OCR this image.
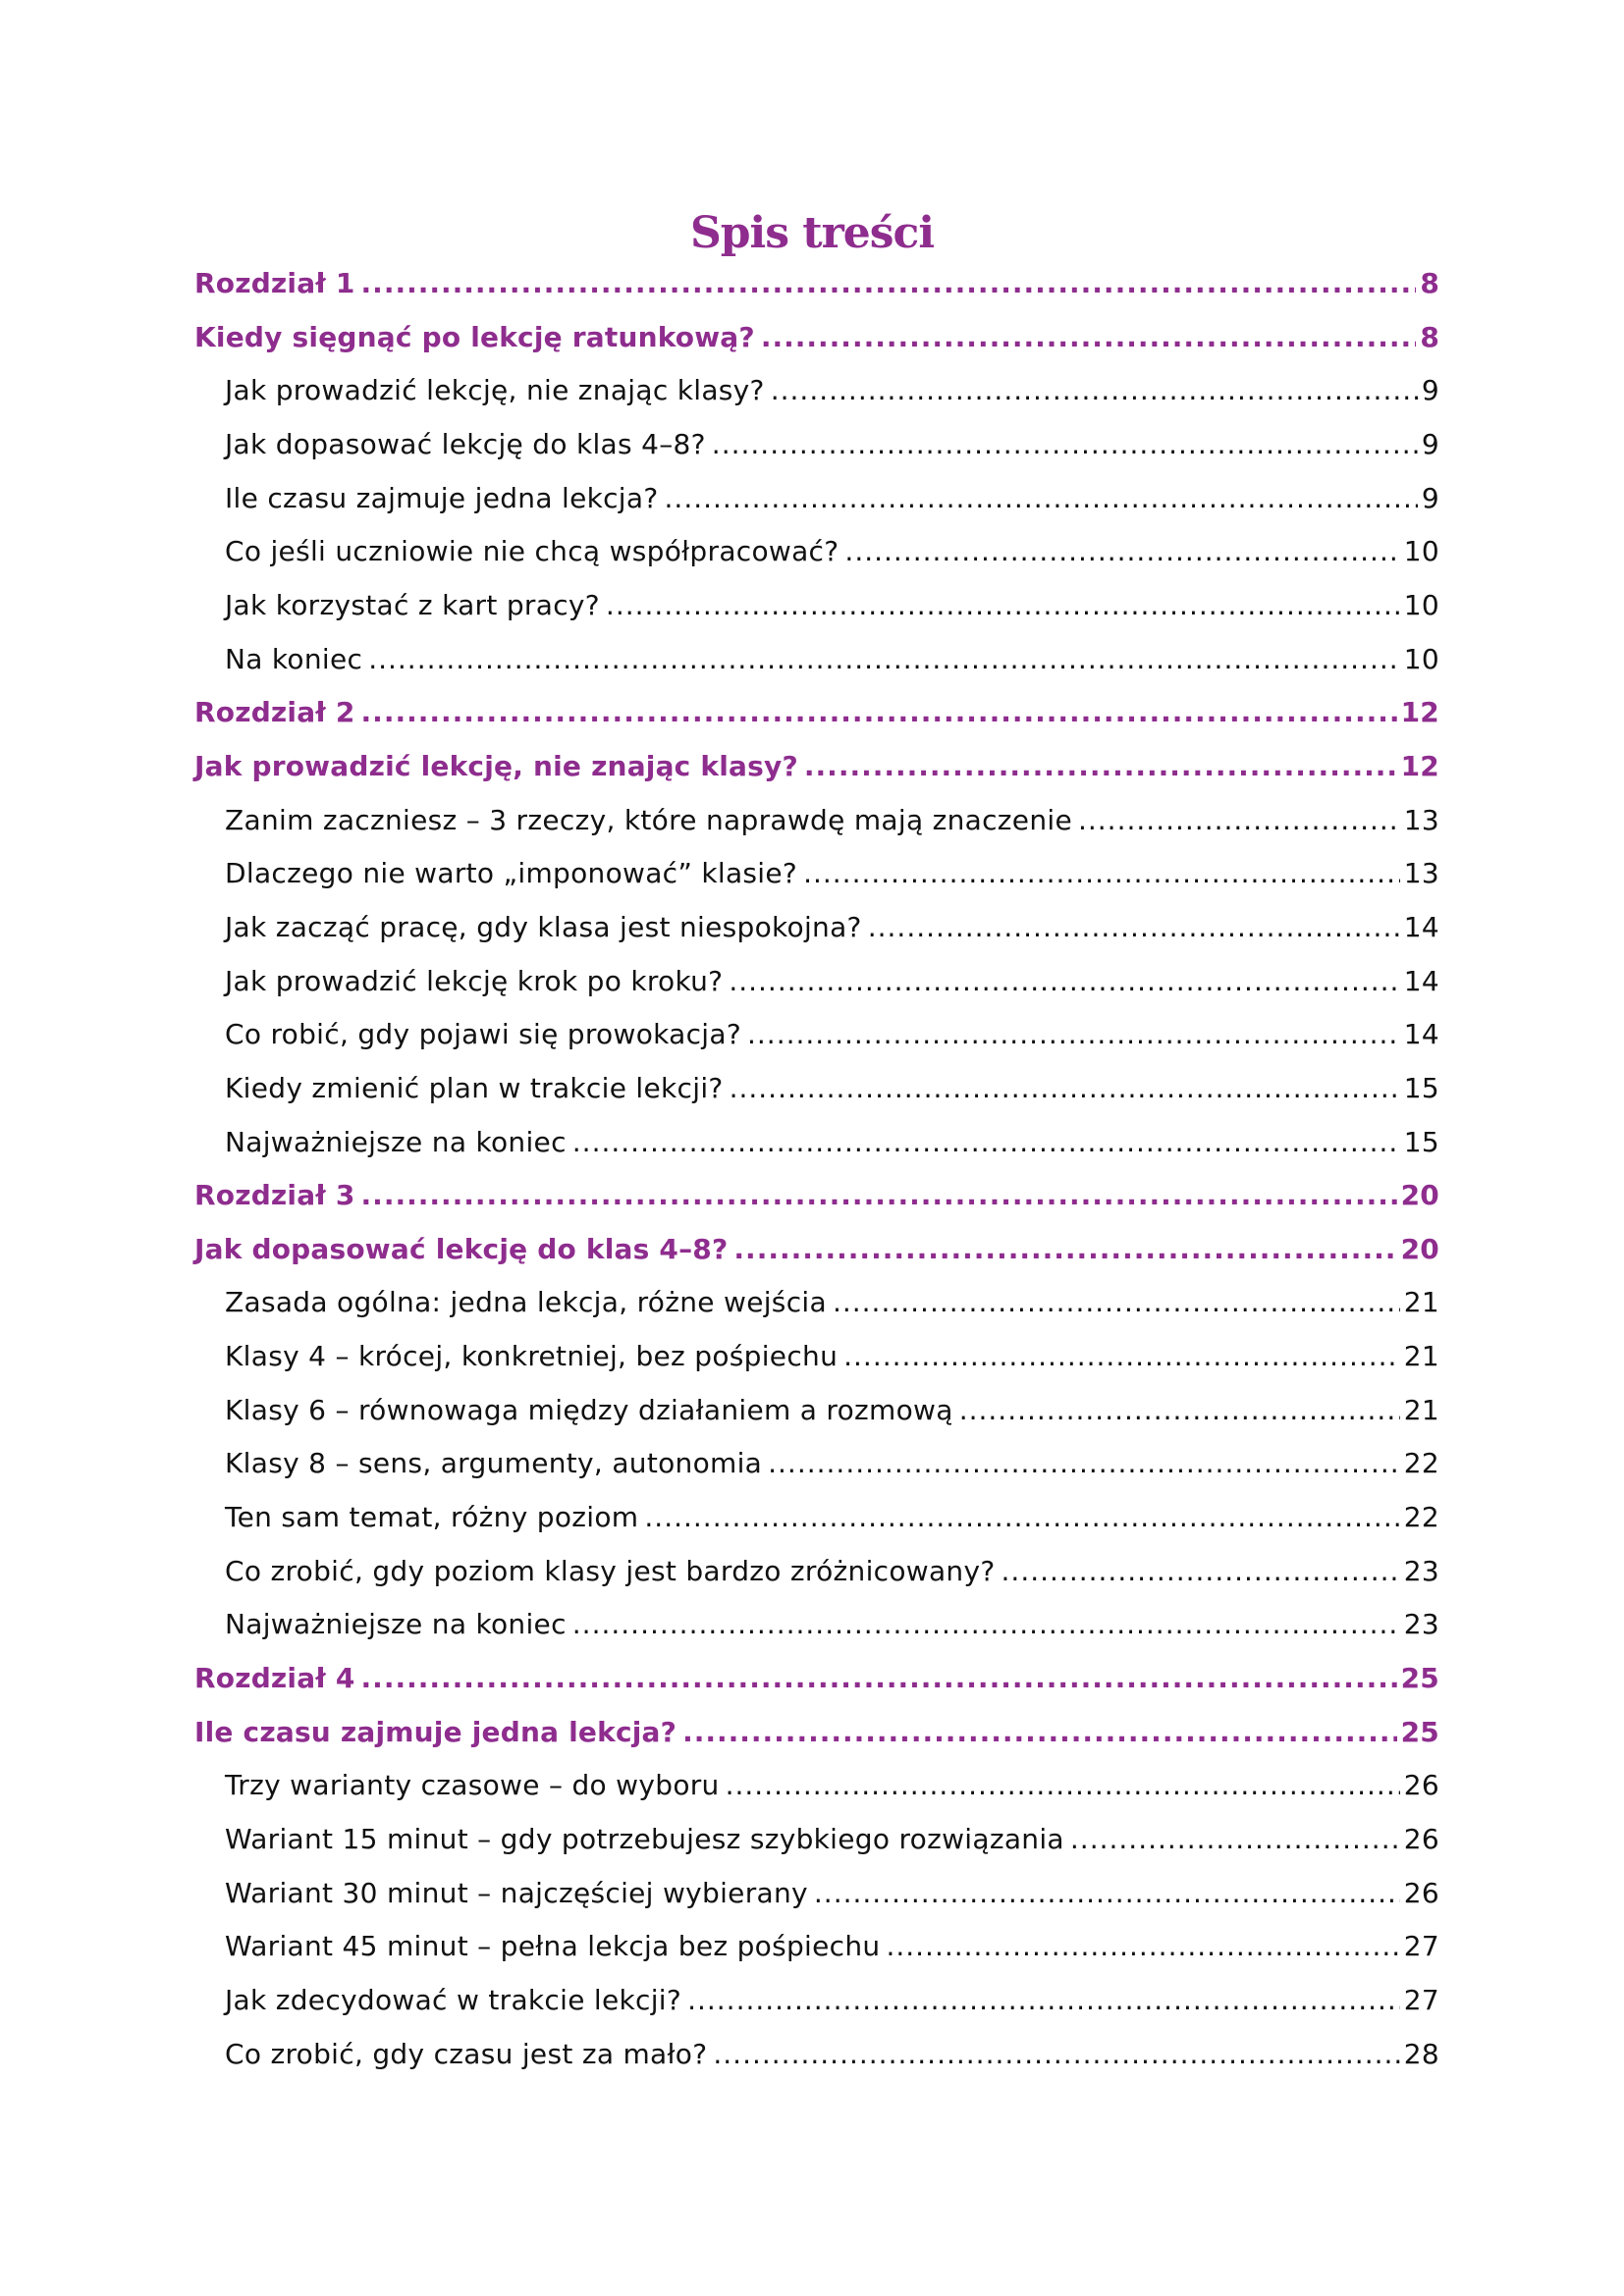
Spis treści
Rozdział 1 .....	8
Kiedy sięgnąć po lekcję ratunkową? .....	8
Jak prowadzić lekcję, nie znając klasy? .....	9
Jak dopasować lekcję do klas 4–8? .....	9
Ile czasu zajmuje jedna lekcja? .....	9
Co jeśli uczniowie nie chcą współpracować? .....	10
Jak korzystać z kart pracy? .....	10
Na koniec .....	10
Rozdział 2 .....	12
Jak prowadzić lekcję, nie znając klasy? .....	12
Zanim zaczniesz – 3 rzeczy, które naprawdę mają znaczenie .....	13
Dlaczego nie warto „imponować” klasie? .....	13
Jak zacząć pracę, gdy klasa jest niespokojna? .....	14
Jak prowadzić lekcję krok po kroku? .....	14
Co robić, gdy pojawi się prowokacja? .....	14
Kiedy zmienić plan w trakcie lekcji? .....	15
Najważniejsze na koniec .....	15
Rozdział 3 .....	20
Jak dopasować lekcję do klas 4–8? .....	20
Zasada ogólna: jedna lekcja, różne wejścia .....	21
Klasy 4 – krócej, konkretniej, bez pośpiechu .....	21
Klasy 6 – równowaga między działaniem a rozmową .....	21
Klasy 8 – sens, argumenty, autonomia .....	22
Ten sam temat, różny poziom .....	22
Co zrobić, gdy poziom klasy jest bardzo zróżnicowany? .....	23
Najważniejsze na koniec .....	23
Rozdział 4 .....	25
Ile czasu zajmuje jedna lekcja? .....	25
Trzy warianty czasowe – do wyboru .....	26
Wariant 15 minut – gdy potrzebujesz szybkiego rozwiązania .....	26
Wariant 30 minut – najczęściej wybierany .....	26
Wariant 45 minut – pełna lekcja bez pośpiechu .....	27
Jak zdecydować w trakcie lekcji? .....	27
Co zrobić, gdy czasu jest za mało? .....	28
